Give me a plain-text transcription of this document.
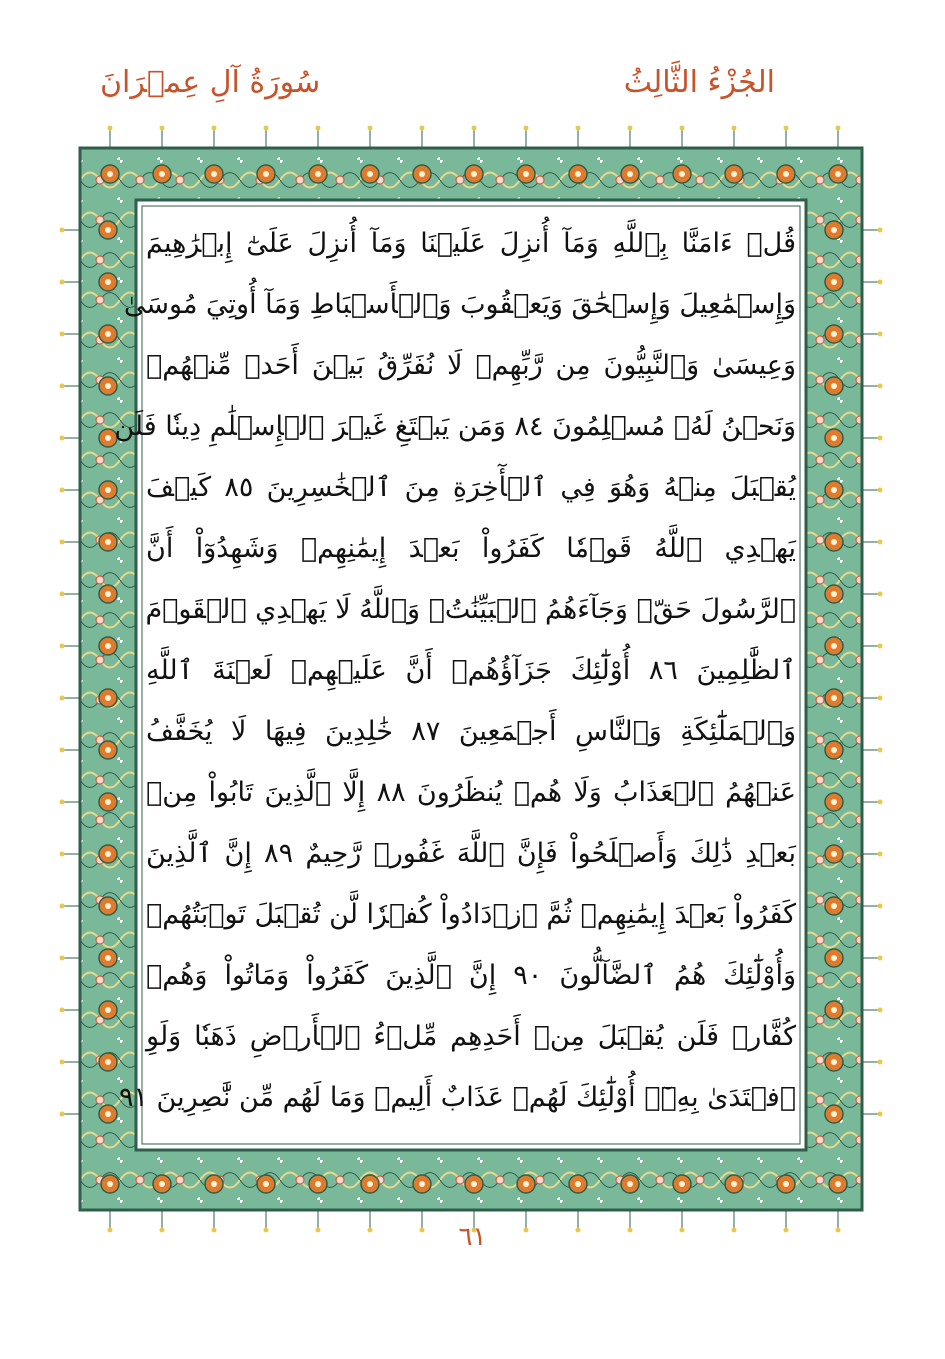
سُورَةُ آلِ عِمۡرَانَ	الجُزْءُ الثَّالِثُ
قُلۡ ءَامَنَّا بِٱللَّهِ وَمَآ أُنزِلَ عَلَيۡنَا وَمَآ أُنزِلَ عَلَىٰٓ إِبۡرَٰهِيمَ
وَإِسۡمَٰعِيلَ وَإِسۡحَٰقَ وَيَعۡقُوبَ وَٱلۡأَسۡبَاطِ وَمَآ أُوتِيَ مُوسَىٰ
وَعِيسَىٰ وَٱلنَّبِيُّونَ مِن رَّبِّهِمۡ لَا نُفَرِّقُ بَيۡنَ أَحَدٖ مِّنۡهُمۡ
وَنَحۡنُ لَهُۥ مُسۡلِمُونَ ٨٤ وَمَن يَبۡتَغِ غَيۡرَ ٱلۡإِسۡلَٰمِ دِينٗا فَلَن
يُقۡبَلَ مِنۡهُ وَهُوَ فِي ٱلۡأٓخِرَةِ مِنَ ٱلۡخَٰسِرِينَ ٨٥ كَيۡفَ
يَهۡدِي ٱللَّهُ قَوۡمٗا كَفَرُواْ بَعۡدَ إِيمَٰنِهِمۡ وَشَهِدُوٓاْ أَنَّ
ٱلرَّسُولَ حَقّٞ وَجَآءَهُمُ ٱلۡبَيِّنَٰتُۚ وَٱللَّهُ لَا يَهۡدِي ٱلۡقَوۡمَ
ٱلظَّٰلِمِينَ ٨٦ أُوْلَٰٓئِكَ جَزَآؤُهُمۡ أَنَّ عَلَيۡهِمۡ لَعۡنَةَ ٱللَّهِ
وَٱلۡمَلَٰٓئِكَةِ وَٱلنَّاسِ أَجۡمَعِينَ ٨٧ خَٰلِدِينَ فِيهَا لَا يُخَفَّفُ
عَنۡهُمُ ٱلۡعَذَابُ وَلَا هُمۡ يُنظَرُونَ ٨٨ إِلَّا ٱلَّذِينَ تَابُواْ مِنۢ
بَعۡدِ ذَٰلِكَ وَأَصۡلَحُواْ فَإِنَّ ٱللَّهَ غَفُورٞ رَّحِيمٌ ٨٩ إِنَّ ٱلَّذِينَ
كَفَرُواْ بَعۡدَ إِيمَٰنِهِمۡ ثُمَّ ٱزۡدَادُواْ كُفۡرٗا لَّن تُقۡبَلَ تَوۡبَتُهُمۡ
وَأُوْلَٰٓئِكَ هُمُ ٱلضَّآلُّونَ ٩٠ إِنَّ ٱلَّذِينَ كَفَرُواْ وَمَاتُواْ وَهُمۡ
كُفَّارٞ فَلَن يُقۡبَلَ مِنۡ أَحَدِهِم مِّلۡءُ ٱلۡأَرۡضِ ذَهَبٗا وَلَوِ
ٱفۡتَدَىٰ بِهِۦٓۗ أُوْلَٰٓئِكَ لَهُمۡ عَذَابٌ أَلِيمٞ وَمَا لَهُم مِّن نَّٰصِرِينَ ٩١
٦١
